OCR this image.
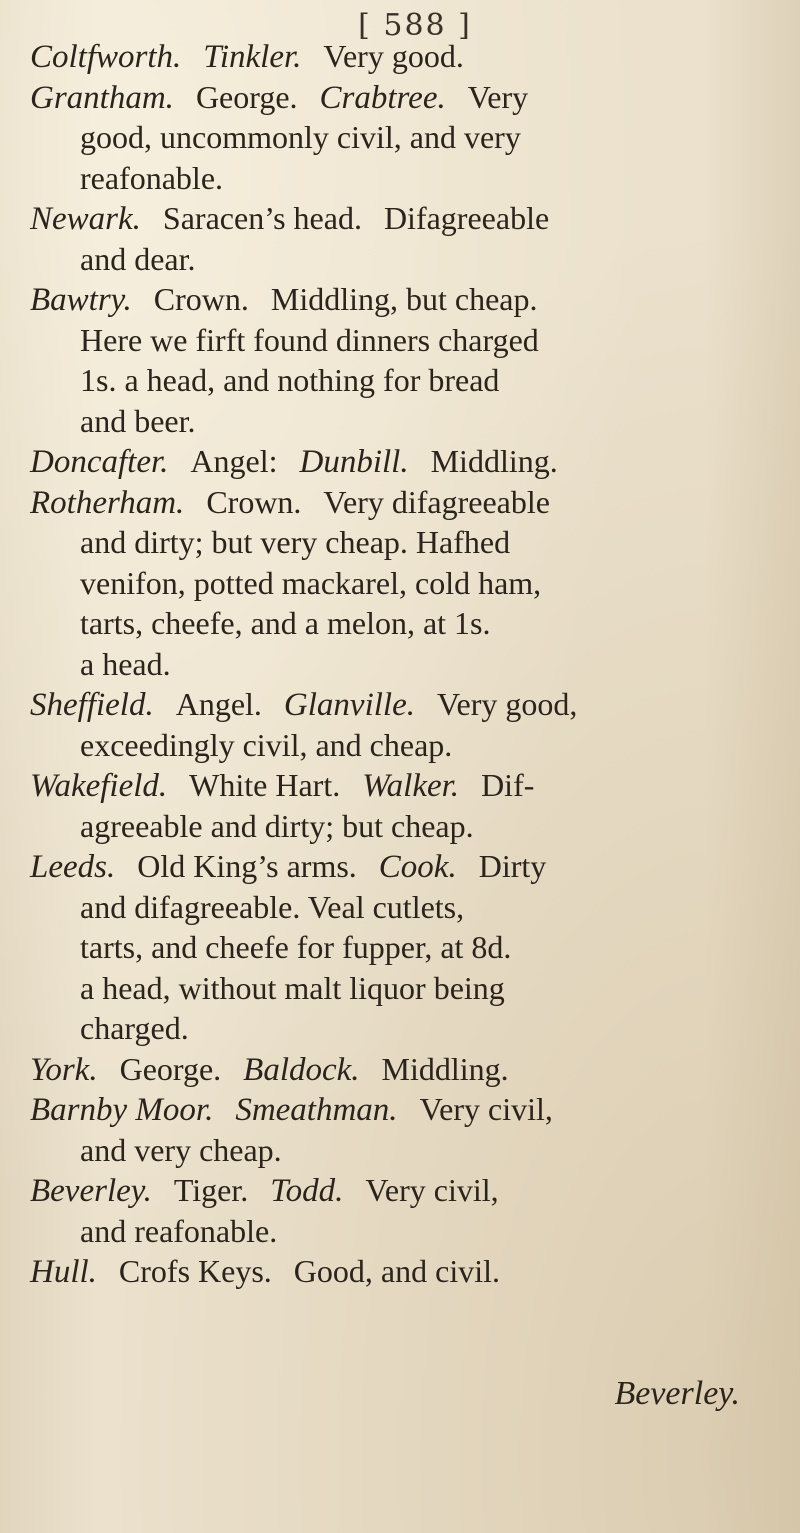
[ 588 ]
Coltfworth. Tinkler. Very good.
Grantham. George. Crabtree. Very
good, uncommonly civil, and very
reafonable.
Newark. Saracen’s head. Difagreeable
and dear.
Bawtry. Crown. Middling, but cheap.
Here we firft found dinners charged
1s. a head, and nothing for bread
and beer.
Doncafter. Angel: Dunbill. Middling.
Rotherham. Crown. Very difagreeable
and dirty; but very cheap. Hafhed
venifon, potted mackarel, cold ham,
tarts, cheefe, and a melon, at 1s.
a head.
Sheffield. Angel. Glanville. Very good,
exceedingly civil, and cheap.
Wakefield. White Hart. Walker. Dif-
agreeable and dirty; but cheap.
Leeds. Old King’s arms. Cook. Dirty
and difagreeable. Veal cutlets,
tarts, and cheefe for fupper, at 8d.
a head, without malt liquor being
charged.
York. George. Baldock. Middling.
Barnby Moor. Smeathman. Very civil,
and very cheap.
Beverley. Tiger. Todd. Very civil,
and reafonable.
Hull. Crofs Keys. Good, and civil.
Beverley.
